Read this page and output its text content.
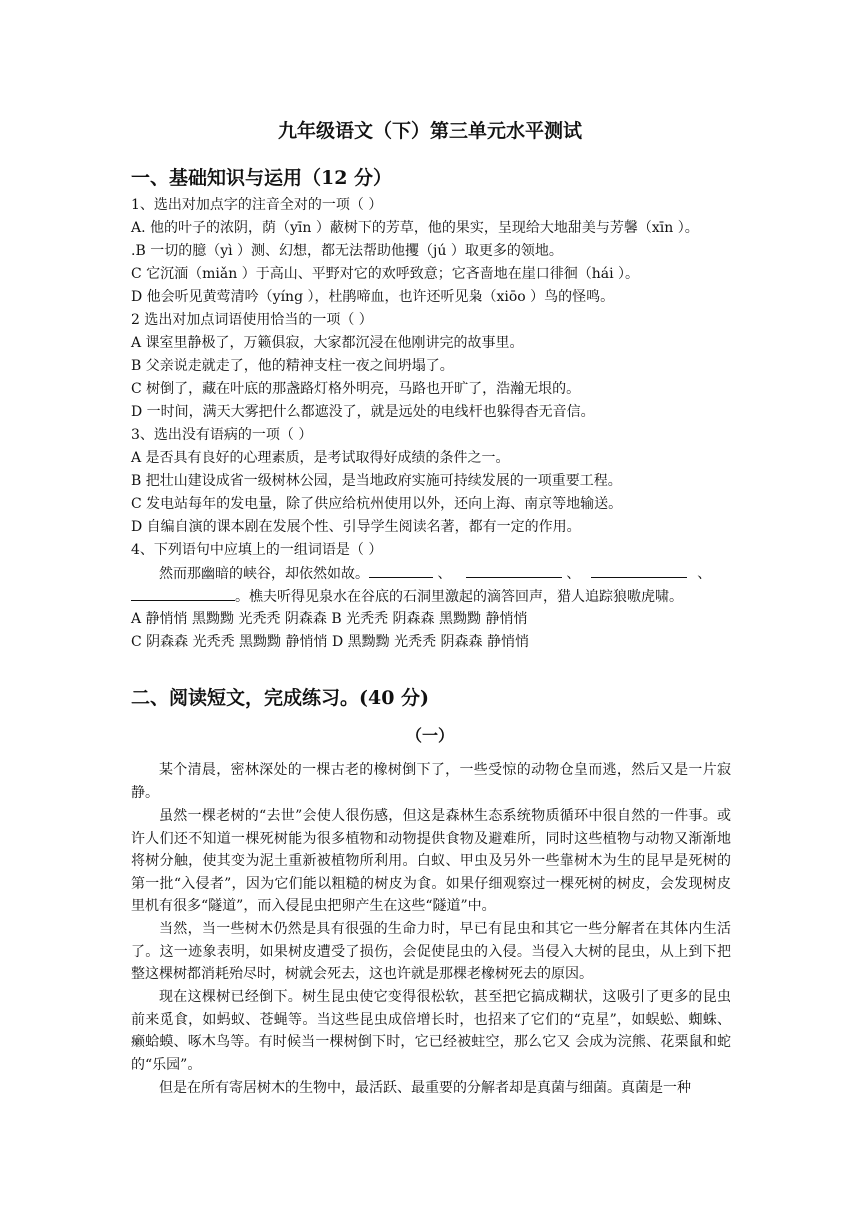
九年级语文（下）第三单元水平测试
一、基础知识与运用（12 分）
1、选出对加点字的注音全对的一项（ ）
A. 他的叶子的浓阴，荫（yīn ）蔽树下的芳草，他的果实，呈现给大地甜美与芳馨（xīn ）。
.B 一切的臆（yì ）测、幻想，都无法帮助他攫（jú ）取更多的领地。
C 它沉湎（miǎn ）于高山、平野对它的欢呼致意；它吝啬地在崖口徘徊（hái ）。
D 他会听见黄莺清吟（yíng ），杜鹃啼血，也许还听见枭（xiōo ）鸟的怪鸣。
2 选出对加点词语使用恰当的一项（ ）
A 课室里静极了，万籁俱寂，大家都沉浸在他刚讲完的故事里。
B 父亲说走就走了，他的精神支柱一夜之间坍塌了。
C 树倒了，藏在叶底的那盏路灯格外明亮，马路也开旷了，浩瀚无垠的。
D 一时间，满天大雾把什么都遮没了，就是远处的电线杆也躲得杳无音信。
3、选出没有语病的一项（ ）
A 是否具有良好的心理素质，是考试取得好成绩的条件之一。
B 把壮山建设成省一级树林公园，是当地政府实施可持续发展的一项重要工程。
C 发电站每年的发电量，除了供应给杭州使用以外，还向上海、南京等地输送。
D 自编自演的课本剧在发展个性、引导学生阅读名著，都有一定的作用。
4、下列语句中应填上的一组词语是（ ）
然而那幽暗的峡谷，却依然如故。	、	、	、
。樵夫听得见泉水在谷底的石洞里激起的滴答回声，猎人追踪狼嗷虎啸。
A 静悄悄 黑黝黝 光秃秃 阴森森 B 光秃秃 阴森森 黑黝黝 静悄悄
C 阴森森 光秃秃 黑黝黝 静悄悄 D 黑黝黝 光秃秃 阴森森 静悄悄
二、阅读短文，完成练习。(40 分)
（一）
某个清晨，密林深处的一棵古老的橡树倒下了，一些受惊的动物仓皇而逃，然后又是一片寂静。
虽然一棵老树的“去世”会使人很伤感，但这是森林生态系统物质循环中很自然的一件事。或许人们还不知道一棵死树能为很多植物和动物提供食物及避难所，同时这些植物与动物又渐渐地将树分触，使其变为泥土重新被植物所利用。白蚁、甲虫及另外一些靠树木为生的昆早是死树的第一批“入侵者”，因为它们能以粗糙的树皮为食。如果仔细观察过一棵死树的树皮，会发现树皮里机有很多“隧道”，而入侵昆虫把卵产生在这些“隧道”中。
当然，当一些树木仍然是具有很强的生命力时，早已有昆虫和其它一些分解者在其体内生活了。这一迹象表明，如果树皮遭受了损伤，会促使昆虫的入侵。当侵入大树的昆虫，从上到下把整这棵树都消耗殆尽时，树就会死去，这也许就是那棵老橡树死去的原因。
现在这棵树已经倒下。树生昆虫使它变得很松软，甚至把它搞成糊状，这吸引了更多的昆虫前来觅食，如蚂蚁、苍蝇等。当这些昆虫成倍增长时，也招来了它们的“克星”，如蜈蚣、蜘蛛、癞蛤蟆、啄木鸟等。有时候当一棵树倒下时，它已经被蛀空，那么它又 会成为浣熊、花栗鼠和蛇的“乐园”。
但是在所有寄居树木的生物中，最活跃、最重要的分解者却是真菌与细菌。真菌是一种
